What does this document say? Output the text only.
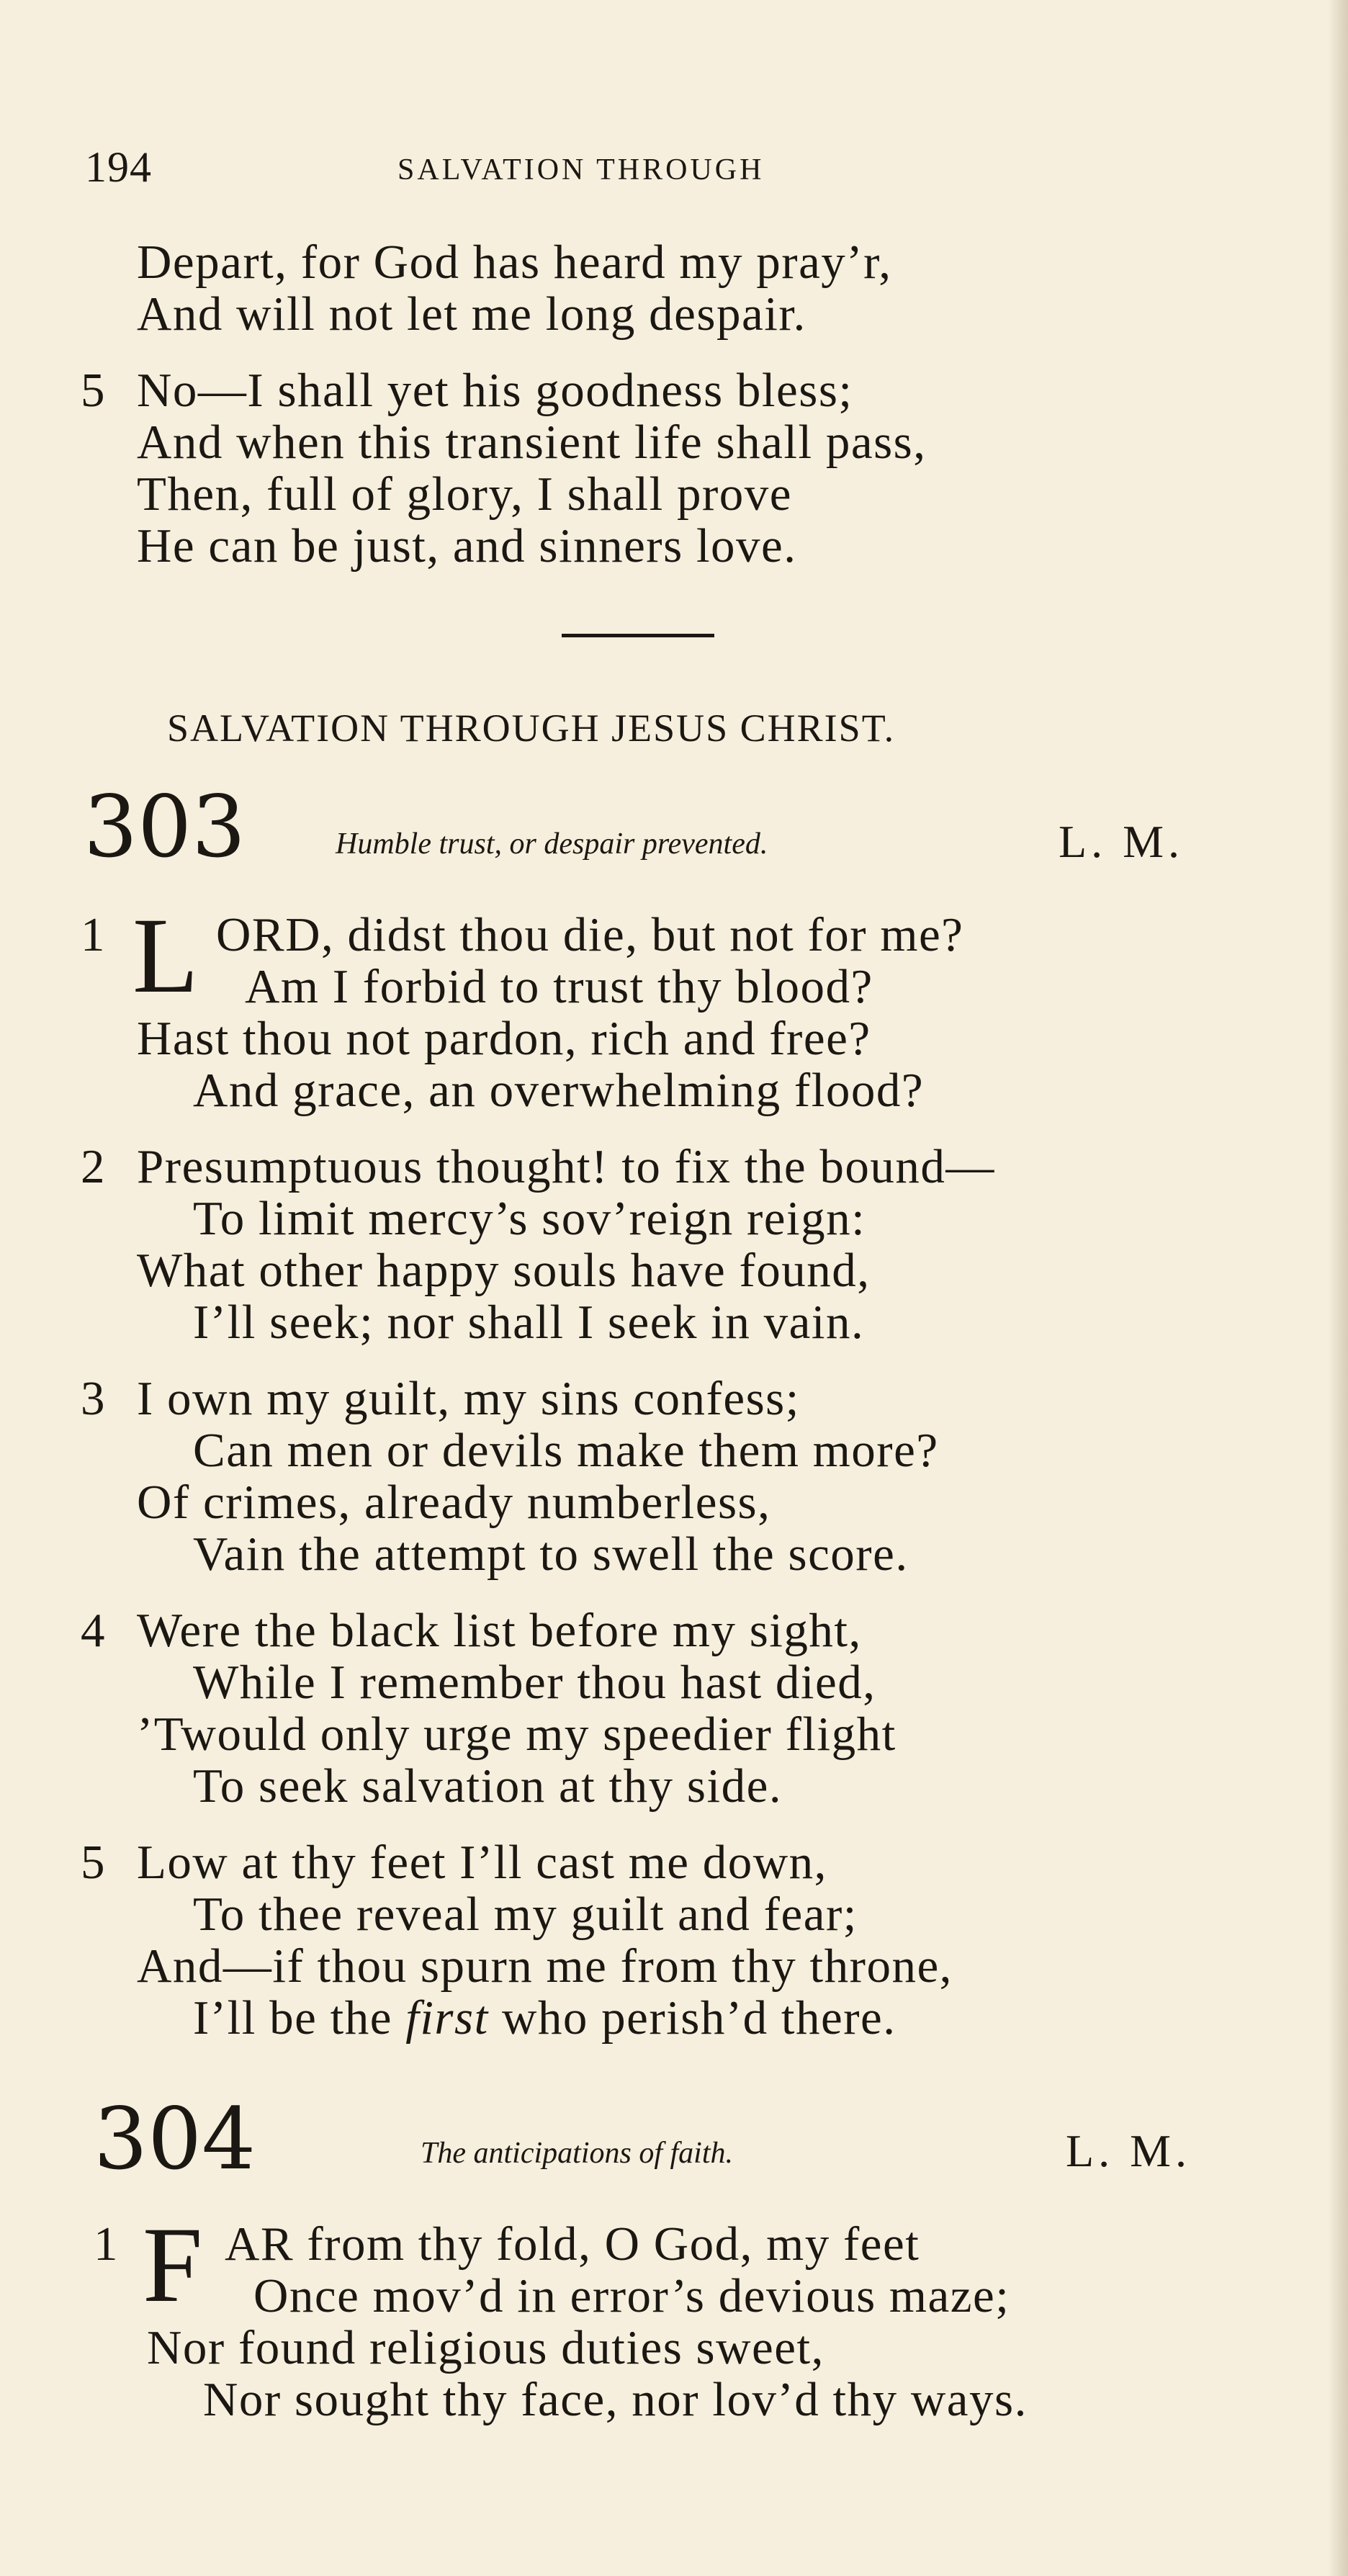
194	SALVATION THROUGH
Depart, for God has heard my pray’r,
And will not let me long despair.
5 No—I shall yet his goodness bless;
And when this transient life shall pass,
Then, full of glory, I shall prove
He can be just, and sinners love.
SALVATION THROUGH JESUS CHRIST.
303	Humble trust, or despair prevented.	L. M.
1 L ORD, didst thou die, but not for me?
Am I forbid to trust thy blood?
Hast thou not pardon, rich and free?
And grace, an overwhelming flood?
2 Presumptuous thought! to fix the bound—
To limit mercy’s sov’reign reign:
What other happy souls have found,
I’ll seek; nor shall I seek in vain.
3 I own my guilt, my sins confess;
Can men or devils make them more?
Of crimes, already numberless,
Vain the attempt to swell the score.
4 Were the black list before my sight,
While I remember thou hast died,
’Twould only urge my speedier flight
To seek salvation at thy side.
5 Low at thy feet I’ll cast me down,
To thee reveal my guilt and fear;
And—if thou spurn me from thy throne,
I’ll be the first who perish’d there.
304	The anticipations of faith.	L. M.
1 F AR from thy fold, O God, my feet
Once mov’d in error’s devious maze;
Nor found religious duties sweet,
Nor sought thy face, nor lov’d thy ways.
